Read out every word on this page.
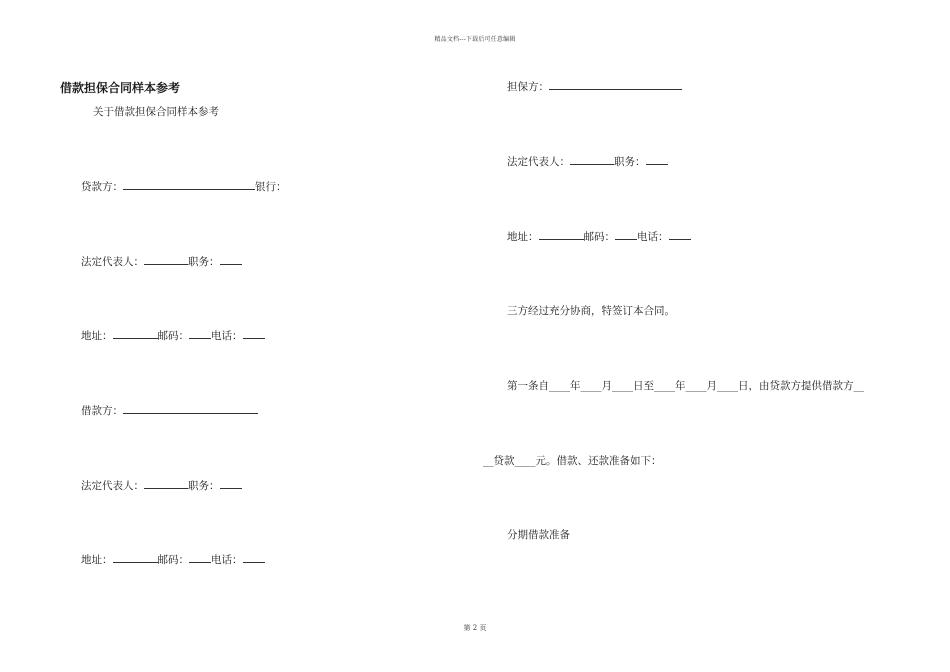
精品文档---下载后可任意编辑
借款担保合同样本参考
关于借款担保合同样本参考
贷款方：	银行：
法定代表人：	职务：
地址：	邮码： 电话：
借款方：
法定代表人：	职务：
地址：	邮码： 电话：
担保方：
法定代表人：	职务：
地址：	邮码： 电话：
三方经过充分协商，特签订本合同。
第一条自____年____月____日至____年____月____日，由贷款方提供借款方__
__贷款____元。借款、还款准备如下：
分期借款准备
第 2 页
